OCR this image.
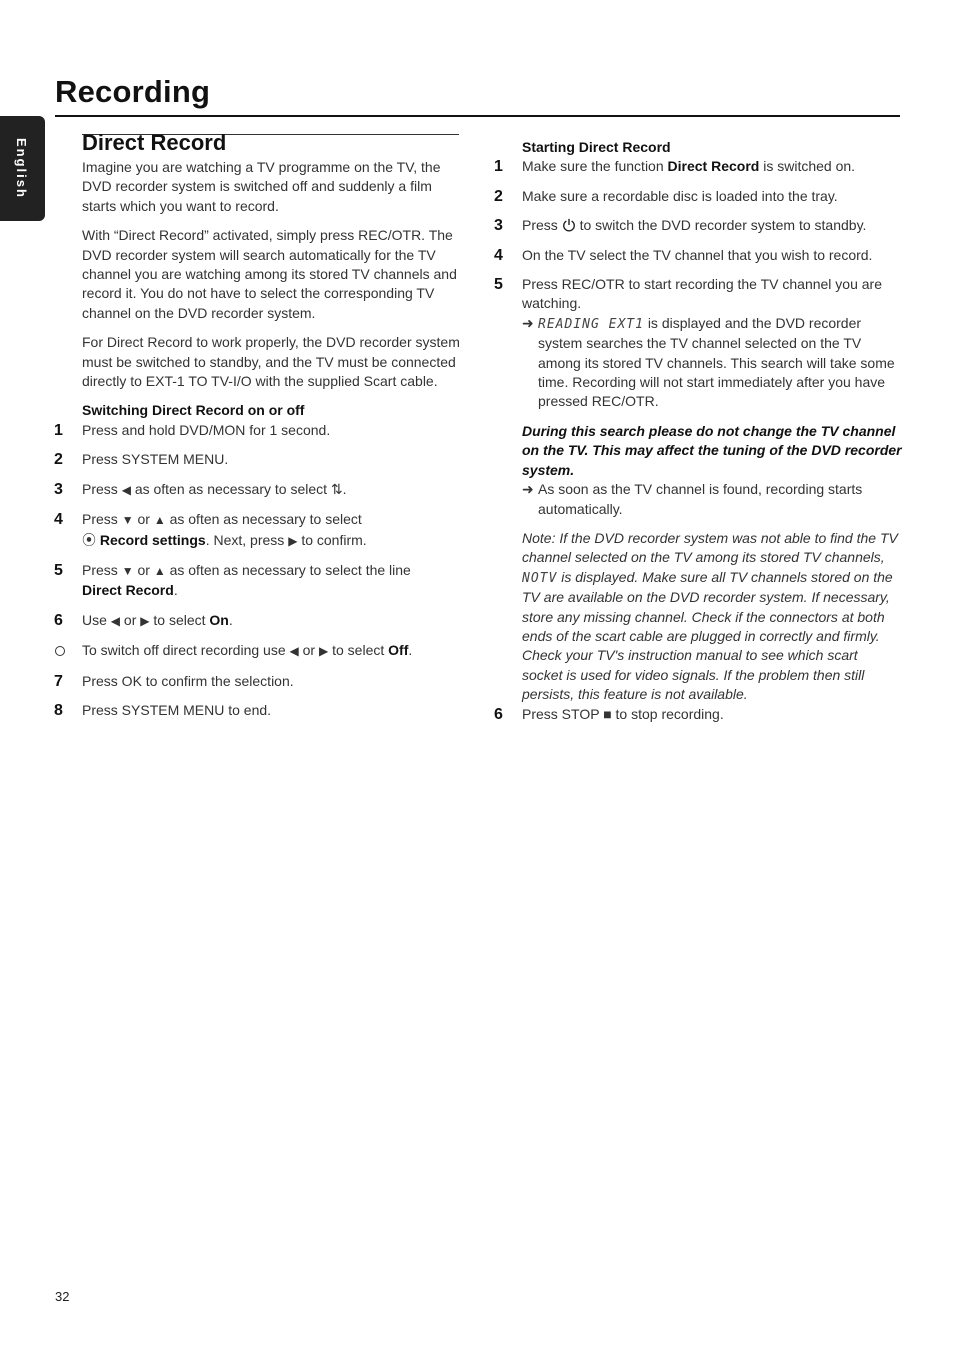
Recording
English Direct Record

Imagine you are watching a TV programme on the TV, the DVD recorder system is switched off and suddenly a film starts which you want to record.

With “Direct Record” activated, simply press REC/OTR. The DVD recorder system will search automatically for the TV channel you are watching among its stored TV channels and record it. You do not have to select the corresponding TV channel on the DVD recorder system.

For Direct Record to work properly, the DVD recorder system must be switched to standby, and the TV must be connected directly to EXT-1 TO TV-I/O with the supplied Scart cable.

Switching Direct Record on or off

1 Press and hold DVD/MON for 1 second.
2 Press SYSTEM MENU.
3 Press ◀ as often as necessary to select ⇅.
4 Press ▼ or ▲ as often as necessary to select
⦿ Record settings. Next, press ▶ to confirm.
5 Press ▼ or ▲ as often as necessary to select the line
Direct Record.
6 Use ◀ or ▶ to select On.
To switch off direct recording use ◀ or ▶ to select Off.
7 Press OK to confirm the selection.
8 Press SYSTEM MENU to end.

Starting Direct Record

1 Make sure the function Direct Record is switched on.
2 Make sure a recordable disc is loaded into the tray.
3 Press to switch the DVD recorder system to standby.
4 On the TV select the TV channel that you wish to record.
5 Press REC/OTR to start recording the TV channel you are watching.
➜ READING EXT1 is displayed and the DVD recorder system searches the TV channel selected on the TV among its stored TV channels. This search will take some time. Recording will not start immediately after you have pressed REC/OTR.

During this search please do not change the TV channel on the TV. This may affect the tuning of the DVD recorder system.

➜ As soon as the TV channel is found, recording starts automatically.

Note: If the DVD recorder system was not able to find the TV channel selected on the TV among its stored TV channels, NOTV is displayed. Make sure all TV channels stored on the TV are available on the DVD recorder system. If necessary, store any missing channel. Check if the connectors at both ends of the scart cable are plugged in correctly and firmly. Check your TV's instruction manual to see which scart socket is used for video signals. If the problem then still persists, this feature is not available.

6 Press STOP ■ to stop recording.
32
